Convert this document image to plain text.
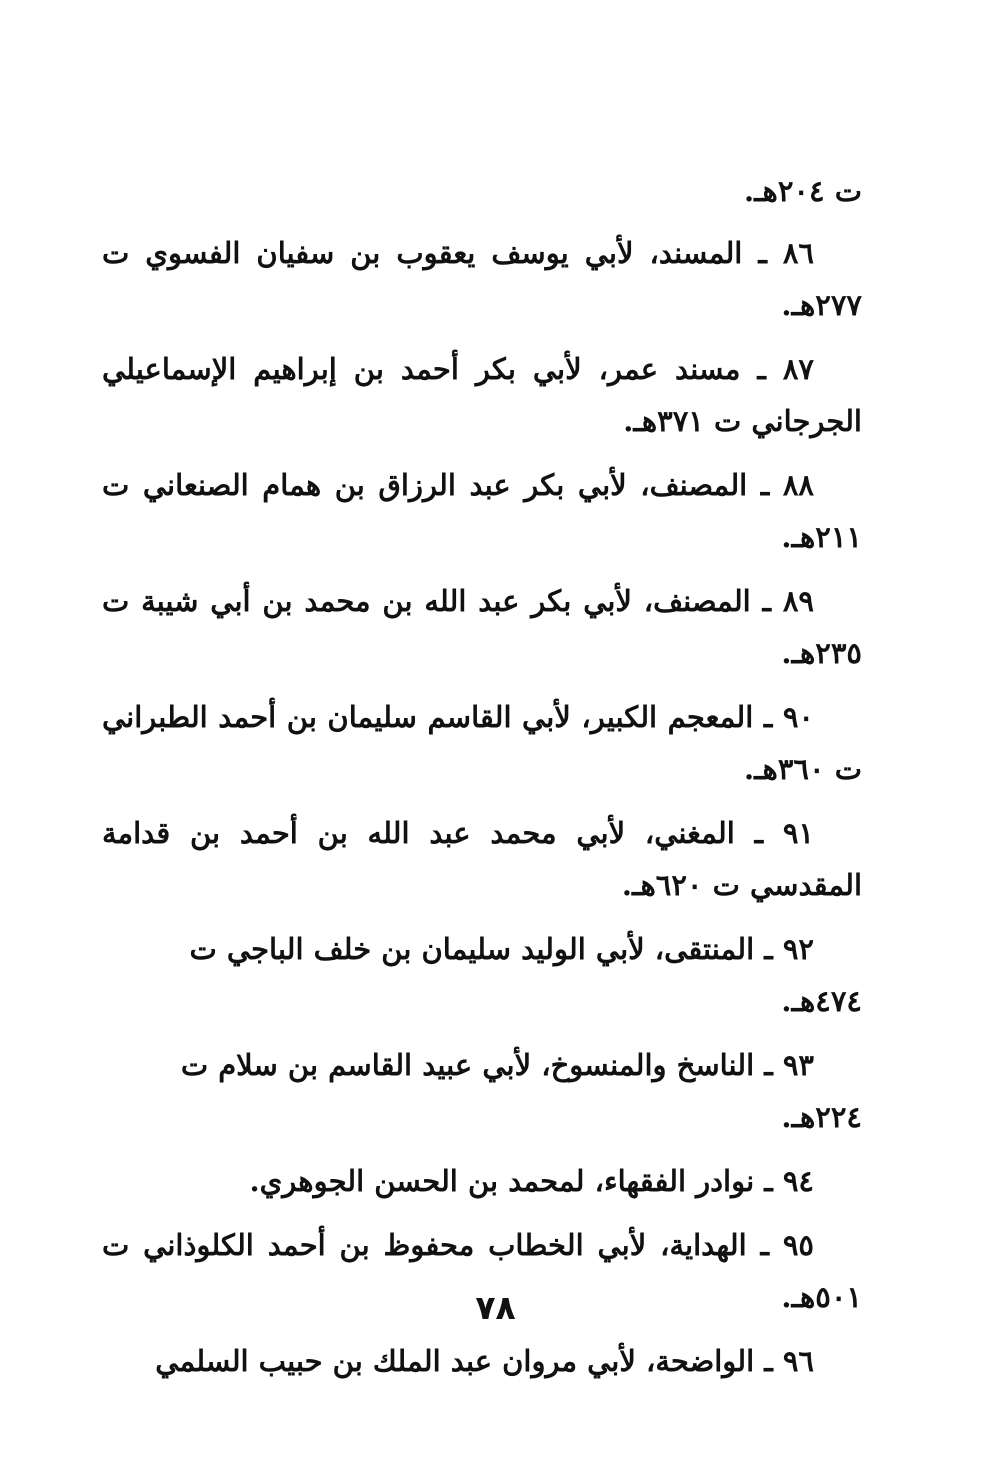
ت ٢٠٤هـ.

٨٦ ـ المسند، لأبي يوسف يعقوب بن سفيان الفسوي ت ٢٧٧هـ.

٨٧ ـ مسند عمر، لأبي بكر أحمد بن إبراهيم الإسماعيلي الجرجاني ت ٣٧١هـ.

٨٨ ـ المصنف، لأبي بكر عبد الرزاق بن همام الصنعاني ت ٢١١هـ.

٨٩ ـ المصنف، لأبي بكر عبد الله بن محمد بن أبي شيبة ت ٢٣٥هـ.

٩٠ ـ المعجم الكبير، لأبي القاسم سليمان بن أحمد الطبراني ت ٣٦٠هـ.

٩١ ـ المغني، لأبي محمد عبد الله بن أحمد بن قدامة المقدسي ت ٦٢٠هـ.

٩٢ ـ المنتقى، لأبي الوليد سليمان بن خلف الباجي ت ٤٧٤هـ.

٩٣ ـ الناسخ والمنسوخ، لأبي عبيد القاسم بن سلام ت ٢٢٤هـ.

٩٤ ـ نوادر الفقهاء، لمحمد بن الحسن الجوهري.

٩٥ ـ الهداية، لأبي الخطاب محفوظ بن أحمد الكلوذاني ت ٥٠١هـ.

٩٦ ـ الواضحة، لأبي مروان عبد الملك بن حبيب السلمي

٧٨
